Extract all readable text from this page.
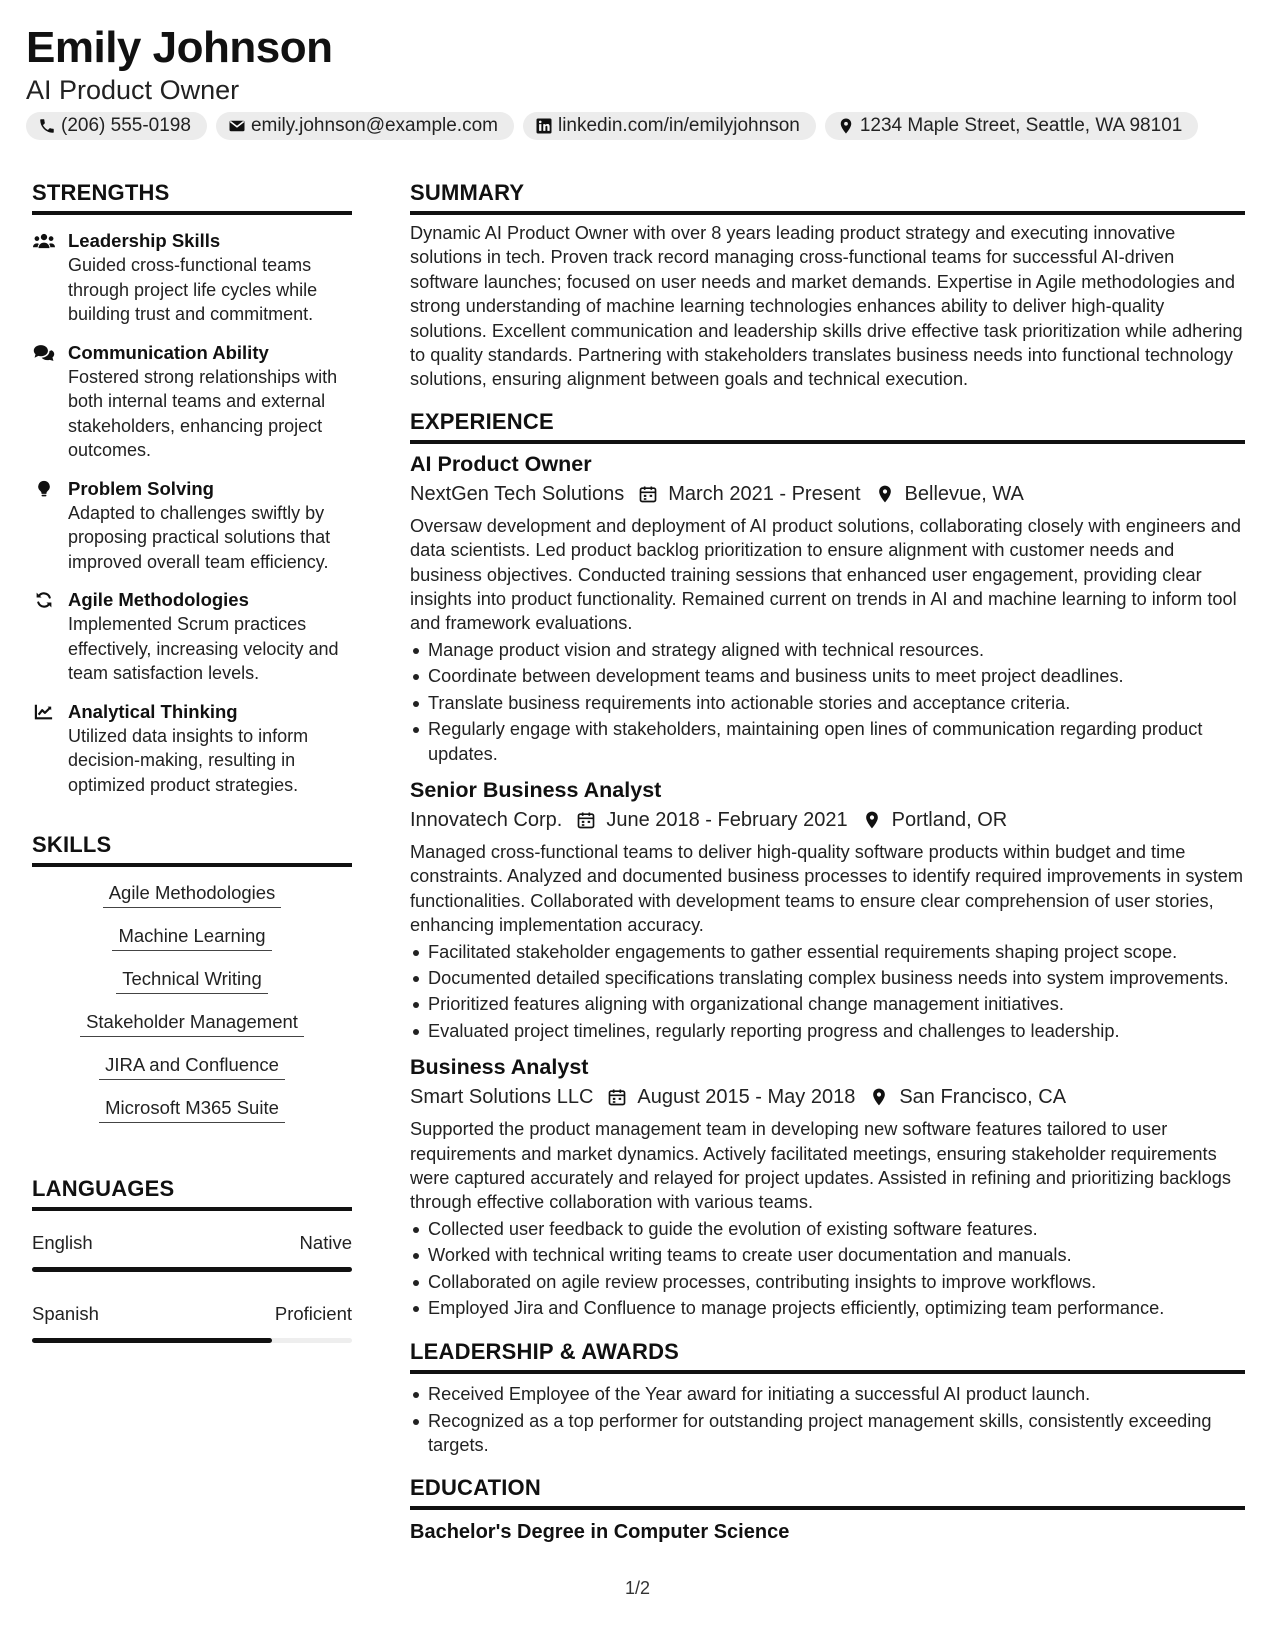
Emily Johnson
AI Product Owner
(206) 555-0198	emily.johnson@example.com	linkedin.com/in/emilyjohnson	1234 Maple Street, Seattle, WA 98101
STRENGTHS
Leadership Skills
Guided cross-functional teams through project life cycles while building trust and commitment.
Communication Ability
Fostered strong relationships with both internal teams and external stakeholders, enhancing project outcomes.
Problem Solving
Adapted to challenges swiftly by proposing practical solutions that improved overall team efficiency.
Agile Methodologies
Implemented Scrum practices effectively, increasing velocity and team satisfaction levels.
Analytical Thinking
Utilized data insights to inform decision-making, resulting in optimized product strategies.
SKILLS
Agile Methodologies
Machine Learning
Technical Writing
Stakeholder Management
JIRA and Confluence
Microsoft M365 Suite
LANGUAGES
English	Native
Spanish	Proficient
SUMMARY
Dynamic AI Product Owner with over 8 years leading product strategy and executing innovative solutions in tech. Proven track record managing cross-functional teams for successful AI-driven software launches; focused on user needs and market demands. Expertise in Agile methodologies and strong understanding of machine learning technologies enhances ability to deliver high-quality solutions. Excellent communication and leadership skills drive effective task prioritization while adhering to quality standards. Partnering with stakeholders translates business needs into functional technology solutions, ensuring alignment between goals and technical execution.
EXPERIENCE
AI Product Owner
NextGen Tech Solutions March 2021 - Present Bellevue, WA
Oversaw development and deployment of AI product solutions, collaborating closely with engineers and data scientists. Led product backlog prioritization to ensure alignment with customer needs and business objectives. Conducted training sessions that enhanced user engagement, providing clear insights into product functionality. Remained current on trends in AI and machine learning to inform tool and framework evaluations.
Manage product vision and strategy aligned with technical resources.
Coordinate between development teams and business units to meet project deadlines.
Translate business requirements into actionable stories and acceptance criteria.
Regularly engage with stakeholders, maintaining open lines of communication regarding product updates.
Senior Business Analyst
Innovatech Corp. June 2018 - February 2021 Portland, OR
Managed cross-functional teams to deliver high-quality software products within budget and time constraints. Analyzed and documented business processes to identify required improvements in system functionalities. Collaborated with development teams to ensure clear comprehension of user stories, enhancing implementation accuracy.
Facilitated stakeholder engagements to gather essential requirements shaping project scope.
Documented detailed specifications translating complex business needs into system improvements.
Prioritized features aligning with organizational change management initiatives.
Evaluated project timelines, regularly reporting progress and challenges to leadership.
Business Analyst
Smart Solutions LLC August 2015 - May 2018 San Francisco, CA
Supported the product management team in developing new software features tailored to user requirements and market dynamics. Actively facilitated meetings, ensuring stakeholder requirements were captured accurately and relayed for project updates. Assisted in refining and prioritizing backlogs through effective collaboration with various teams.
Collected user feedback to guide the evolution of existing software features.
Worked with technical writing teams to create user documentation and manuals.
Collaborated on agile review processes, contributing insights to improve workflows.
Employed Jira and Confluence to manage projects efficiently, optimizing team performance.
LEADERSHIP & AWARDS
Received Employee of the Year award for initiating a successful AI product launch.
Recognized as a top performer for outstanding project management skills, consistently exceeding targets.
EDUCATION
Bachelor's Degree in Computer Science
1/2
